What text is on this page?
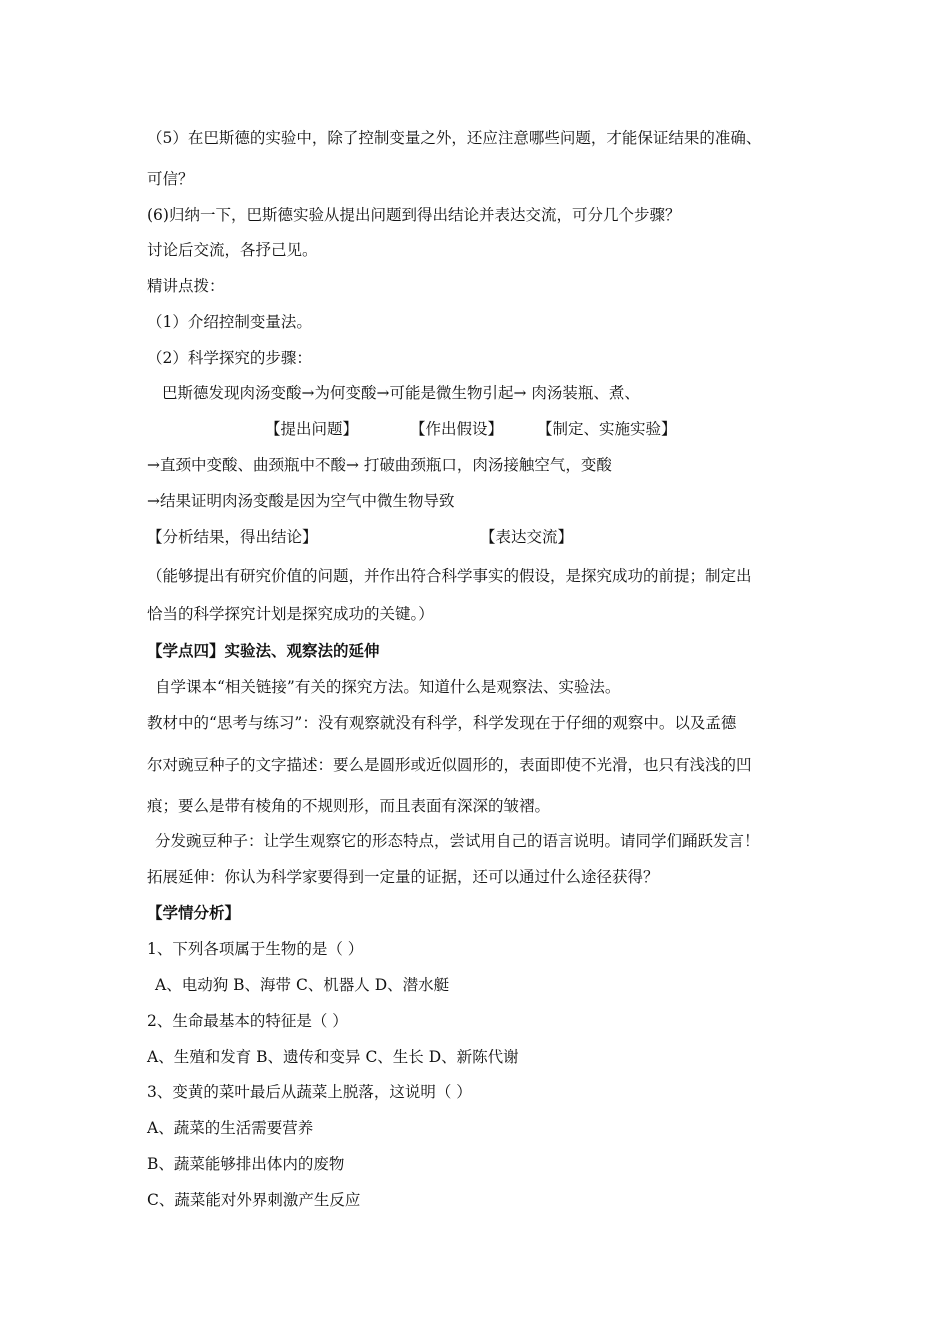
（5）在巴斯德的实验中，除了控制变量之外，还应注意哪些问题，才能保证结果的准确、
可信？
(6)归纳一下，巴斯德实验从提出问题到得出结论并表达交流，可分几个步骤？
讨论后交流，各抒己见。
精讲点拨：
（1）介绍控制变量法。
（2）科学探究的步骤：
巴斯德发现肉汤变酸→为何变酸→可能是微生物引起→ 肉汤装瓶、煮、
【提出问题】	【作出假设】 【制定、实施实验】
→直颈中变酸、曲颈瓶中不酸→ 打破曲颈瓶口，肉汤接触空气，变酸
→结果证明肉汤变酸是因为空气中微生物导致
【分析结果，得出结论】	【表达交流】
（能够提出有研究价值的问题，并作出符合科学事实的假设，是探究成功的前提；制定出
恰当的科学探究计划是探究成功的关键。）
【学点四】实验法、观察法的延伸
自学课本“相关链接”有关的探究方法。知道什么是观察法、实验法。
教材中的“思考与练习”：没有观察就没有科学，科学发现在于仔细的观察中。以及孟德
尔对豌豆种子的文字描述：要么是圆形或近似圆形的，表面即使不光滑，也只有浅浅的凹
痕；要么是带有棱角的不规则形，而且表面有深深的皱褶。
分发豌豆种子：让学生观察它的形态特点，尝试用自己的语言说明。请同学们踊跃发言！
拓展延伸：你认为科学家要得到一定量的证据，还可以通过什么途径获得？
【学情分析】
1、下列各项属于生物的是（ ）
A、电动狗 B、海带 C、机器人 D、潜水艇
2、生命最基本的特征是（ ）
A、生殖和发育 B、遗传和变异 C、生长 D、新陈代谢
3、变黄的菜叶最后从蔬菜上脱落，这说明（ ）
A、蔬菜的生活需要营养
B、蔬菜能够排出体内的废物
C、蔬菜能对外界刺激产生反应
